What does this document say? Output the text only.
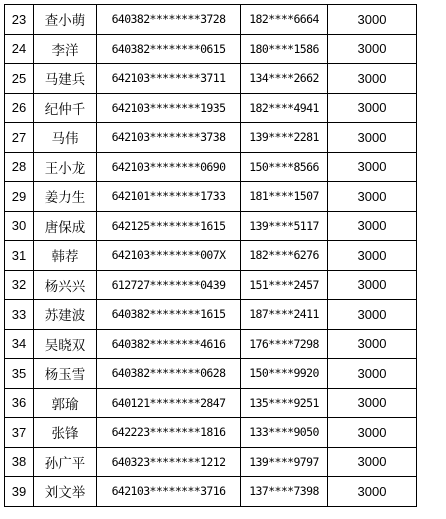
23	查小萌	640382********3728	182****6664	3000
24	李洋	640382********0615	180****1586	3000
25	马建兵	642103********3711	134****2662	3000
26	纪仲千	642103********1935	182****4941	3000
27	马伟	642103********3738	139****2281	3000
28	王小龙	642103********0690	150****8566	3000
29	姜力生	642101********1733	181****1507	3000
30	唐保成	642125********1615	139****5117	3000
31	韩荐	642103********007X	182****6276	3000
32	杨兴兴	612727********0439	151****2457	3000
33	苏建波	640382********1615	187****2411	3000
34	吴晓双	640382********4616	176****7298	3000
35	杨玉雪	640382********0628	150****9920	3000
36	郭瑜	640121********2847	135****9251	3000
37	张锋	642223********1816	133****9050	3000
38	孙广平	640323********1212	139****9797	3000
39	刘文举	642103********3716	137****7398	3000
